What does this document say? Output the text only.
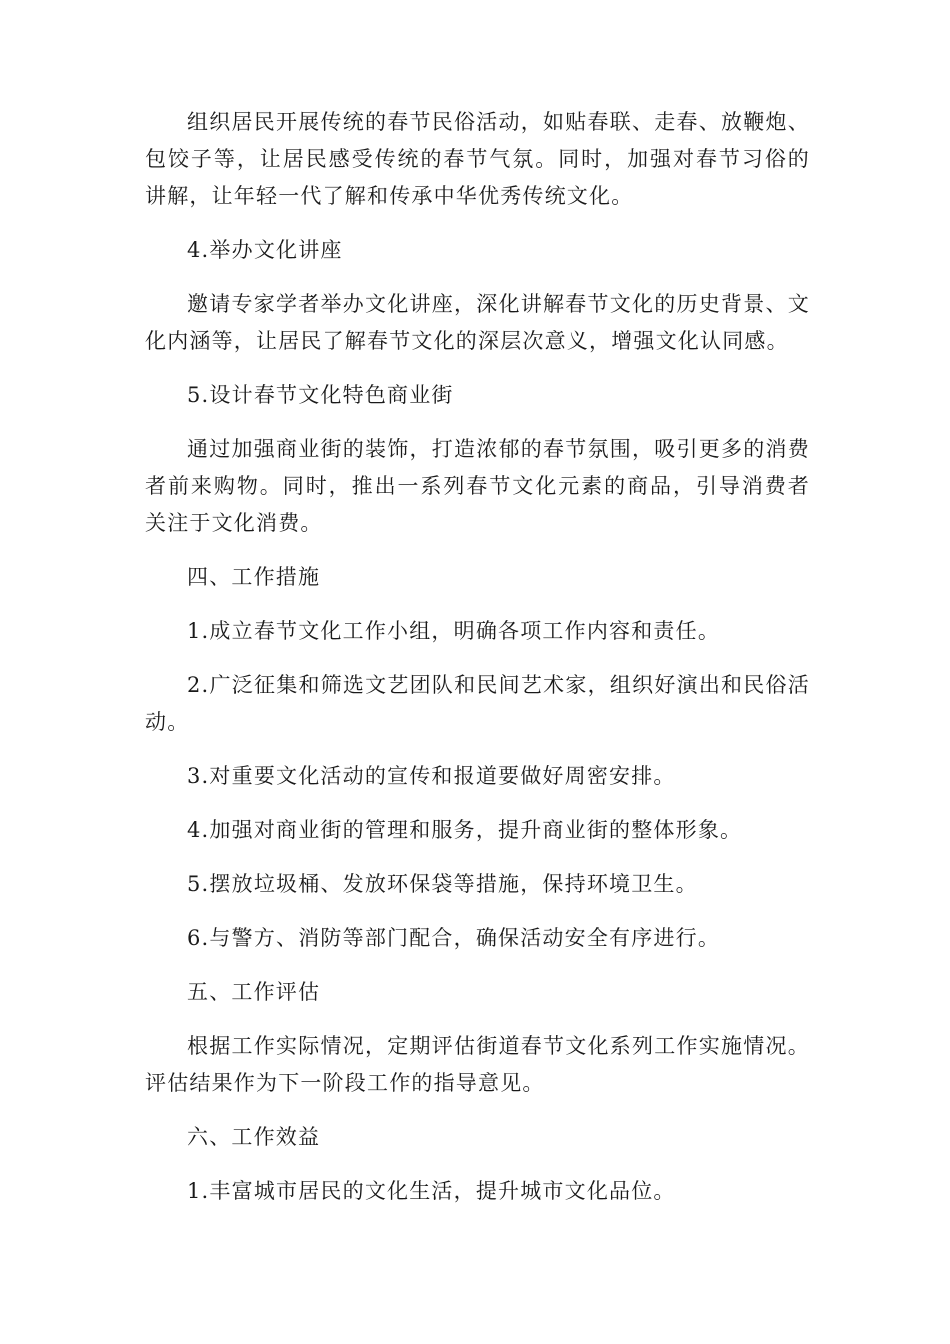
组织居民开展传统的春节民俗活动，如贴春联、走春、放鞭炮、包饺子等，让居民感受传统的春节气氛。同时，加强对春节习俗的讲解，让年轻一代了解和传承中华优秀传统文化。

4.举办文化讲座

邀请专家学者举办文化讲座，深化讲解春节文化的历史背景、文化内涵等，让居民了解春节文化的深层次意义，增强文化认同感。

5.设计春节文化特色商业街

通过加强商业街的装饰，打造浓郁的春节氛围，吸引更多的消费者前来购物。同时，推出一系列春节文化元素的商品，引导消费者关注于文化消费。

四、工作措施

1.成立春节文化工作小组，明确各项工作内容和责任。

2.广泛征集和筛选文艺团队和民间艺术家，组织好演出和民俗活动。

3.对重要文化活动的宣传和报道要做好周密安排。

4.加强对商业街的管理和服务，提升商业街的整体形象。

5.摆放垃圾桶、发放环保袋等措施，保持环境卫生。

6.与警方、消防等部门配合，确保活动安全有序进行。

五、工作评估

根据工作实际情况，定期评估街道春节文化系列工作实施情况。评估结果作为下一阶段工作的指导意见。

六、工作效益

1.丰富城市居民的文化生活，提升城市文化品位。
